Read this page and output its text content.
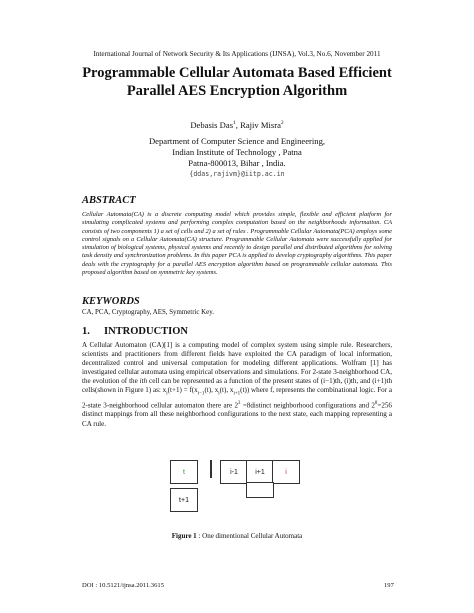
International Journal of Network Security & Its Applications (IJNSA), Vol.3, No.6, November 2011
Programmable Cellular Automata Based Efficient
Parallel AES Encryption Algorithm
Debasis Das$^1$, Rajiv Misra$^2$
Department of Computer Science and Engineering,
Indian Institute of Technology , Patna
Patna-800013, Bihar , India.
{ddas,rajivm}@iitp.ac.in
ABSTRACT
Cellular Automata(CA) is a discrete computing model which provides simple, flexible and efficient platform for simulating complicated systems and performing complex computation based on the neighborhoods information. CA consists of two components 1) a set of cells and 2) a set of rules . Programmable Cellular Automata(PCA) employs some control signals on a Cellular Automata(CA) structure. Programmable Cellular Automata were successfully applied for simulation of biological systems, physical systems and recently to design parallel and distributed algorithms for solving task density and synchronization problems. In this paper PCA is applied to develop cryptography algorithms. This paper deals with the cryptography for a parallel AES encryption algorithm based on programmable cellular automata. This proposed algorithm based on symmetric key systems.
KEYWORDS
CA, PCA, Cryptography, AES, Symmetric Key.
1. INTRODUCTION

A Cellular Automaton (CA)[1] is a computing model of complex system using simple rule. Researchers, scientists and practitioners from different fields have exploited the CA paradigm of local information, decentralized control and universal computation for modeling different applications. Wolfram [1] has investigated cellular automata using empirical observations and simulations. For 2-state 3-neighborhood CA, the evolution of the ith cell can be represented as a function of the present states of (i−1)th, (i)th, and (i+1)th cells(shown in Figure 1) as: $x_i(t+1) = f(x_{i-1}(t)$, $x_i(t)$, $x_{i+1}(t)$) where f, represents the combinational logic. For a 2-state 3-neighborhood cellular automaton there are $2^3$ =8distinct neighborhood configurations and $2^8=256$ distinct mappings from all these neighborhood configurations to the next state, each mapping representing a CA rule.

t
t+1
i-1	i+1	i
Figure 1 : One dimentional Cellular Automata
DOI : 10.5121/ijnsa.2011.3615	197
